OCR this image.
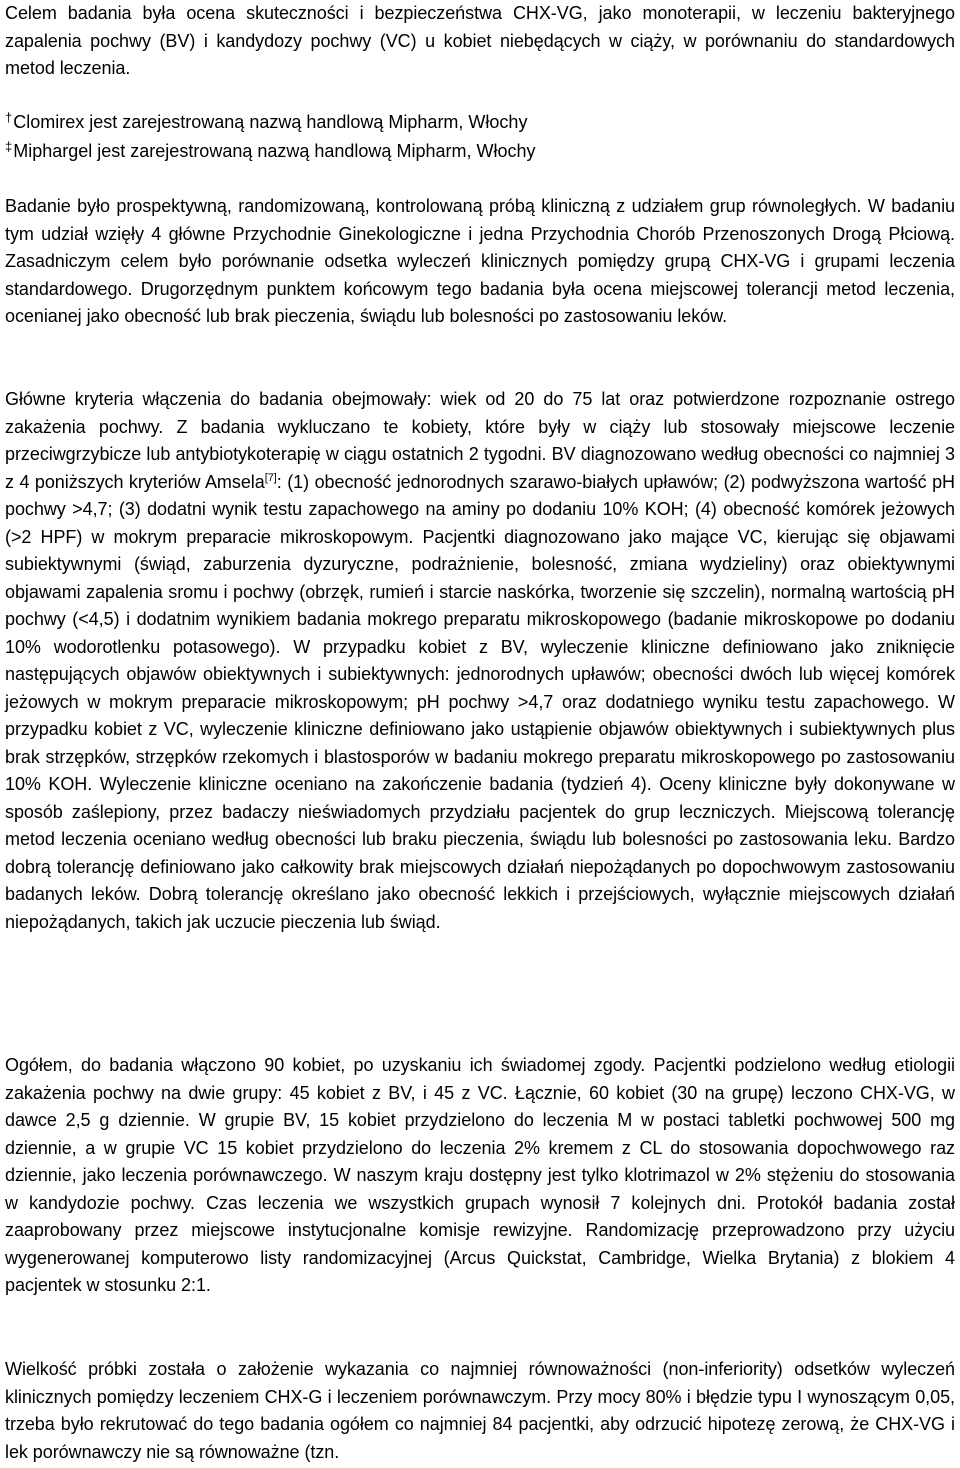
Celem badania była ocena skuteczności i bezpieczeństwa CHX-VG, jako monoterapii, w leczeniu bakteryjnego zapalenia pochwy (BV) i kandydozy pochwy (VC) u kobiet niebędących w ciąży, w porównaniu do standardowych metod leczenia.

†Clomirex jest zarejestrowaną nazwą handlową Mipharm, Włochy

‡Miphargel jest zarejestrowaną nazwą handlową Mipharm, Włochy

Badanie było prospektywną, randomizowaną, kontrolowaną próbą kliniczną z udziałem grup równoległych. W badaniu tym udział wzięły 4 główne Przychodnie Ginekologiczne i jedna Przychodnia Chorób Przenoszonych Drogą Płciową. Zasadniczym celem było porównanie odsetka wyleczeń klinicznych pomiędzy grupą CHX-VG i grupami leczenia standardowego. Drugorzędnym punktem końcowym tego badania była ocena miejscowej tolerancji metod leczenia, ocenianej jako obecność lub brak pieczenia, świądu lub bolesności po zastosowaniu leków.

Główne kryteria włączenia do badania obejmowały: wiek od 20 do 75 lat oraz potwierdzone rozpoznanie ostrego zakażenia pochwy. Z badania wykluczano te kobiety, które były w ciąży lub stosowały miejscowe leczenie przeciwgrzybicze lub antybiotykoterapię w ciągu ostatnich 2 tygodni. BV diagnozowano według obecności co najmniej 3 z 4 poniższych kryteriów Amsela[7]: (1) obecność jednorodnych szarawo-białych upławów; (2) podwyższona wartość pH pochwy >4,7; (3) dodatni wynik testu zapachowego na aminy po dodaniu 10% KOH; (4) obecność komórek jeżowych (>2 HPF) w mokrym preparacie mikroskopowym. Pacjentki diagnozowano jako mające VC, kierując się objawami subiektywnymi (świąd, zaburzenia dyzuryczne, podrażnienie, bolesność, zmiana wydzieliny) oraz obiektywnymi objawami zapalenia sromu i pochwy (obrzęk, rumień i starcie naskórka, tworzenie się szczelin), normalną wartością pH pochwy (<4,5) i dodatnim wynikiem badania mokrego preparatu mikroskopowego (badanie mikroskopowe po dodaniu 10% wodorotlenku potasowego). W przypadku kobiet z BV, wyleczenie kliniczne definiowano jako zniknięcie następujących objawów obiektywnych i subiektywnych: jednorodnych upławów; obecności dwóch lub więcej komórek jeżowych w mokrym preparacie mikroskopowym; pH pochwy >4,7 oraz dodatniego wyniku testu zapachowego. W przypadku kobiet z VC, wyleczenie kliniczne definiowano jako ustąpienie objawów obiektywnych i subiektywnych plus brak strzępków, strzępków rzekomych i blastosporów w badaniu mokrego preparatu mikroskopowego po zastosowaniu 10% KOH. Wyleczenie kliniczne oceniano na zakończenie badania (tydzień 4). Oceny kliniczne były dokonywane w sposób zaślepiony, przez badaczy nieświadomych przydziału pacjentek do grup leczniczych. Miejscową tolerancję metod leczenia oceniano według obecności lub braku pieczenia, świądu lub bolesności po zastosowania leku. Bardzo dobrą tolerancję definiowano jako całkowity brak miejscowych działań niepożądanych po dopochwowym zastosowaniu badanych leków. Dobrą tolerancję określano jako obecność lekkich i przejściowych, wyłącznie miejscowych działań niepożądanych, takich jak uczucie pieczenia lub świąd.

Ogółem, do badania włączono 90 kobiet, po uzyskaniu ich świadomej zgody. Pacjentki podzielono według etiologii zakażenia pochwy na dwie grupy: 45 kobiet z BV, i 45 z VC. Łącznie, 60 kobiet (30 na grupę) leczono CHX-VG, w dawce 2,5 g dziennie. W grupie BV, 15 kobiet przydzielono do leczenia M w postaci tabletki pochwowej 500 mg dziennie, a w grupie VC 15 kobiet przydzielono do leczenia 2% kremem z CL do stosowania dopochwowego raz dziennie, jako leczenia porównawczego. W naszym kraju dostępny jest tylko klotrimazol w 2% stężeniu do stosowania w kandydozie pochwy. Czas leczenia we wszystkich grupach wynosił 7 kolejnych dni. Protokół badania został zaaprobowany przez miejscowe instytucjonalne komisje rewizyjne. Randomizację przeprowadzono przy użyciu wygenerowanej komputerowo listy randomizacyjnej (Arcus Quickstat, Cambridge, Wielka Brytania) z blokiem 4 pacjentek w stosunku 2:1.

Wielkość próbki została o założenie wykazania co najmniej równoważności (non-inferiority) odsetków wyleczeń klinicznych pomiędzy leczeniem CHX-G i leczeniem porównawczym. Przy mocy 80% i błędzie typu I wynoszącym 0,05, trzeba było rekrutować do tego badania ogółem co najmniej 84 pacjentki, aby odrzucić hipotezę zerową, że CHX-VG i lek porównawczy nie są równoważne (tzn.
